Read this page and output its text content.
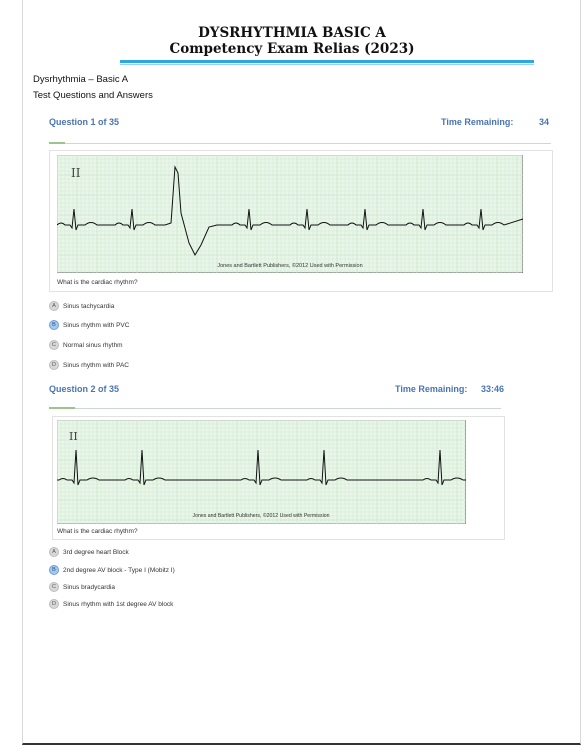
DYSRHYTHMIA BASIC A
Competency Exam Relias (2023)
Dysrhythmia – Basic A
Test Questions and Answers
Question 1 of 35	Time Remaining:	34
II
Jones and Bartlett Publishers, ©2012 Used with Permission
What is the cardiac rhythm?
A	Sinus tachycardia
B	Sinus rhythm with PVC
C	Normal sinus rhythm
D	Sinus rhythm with PAC
Question 2 of 35	Time Remaining: 33:46
II
Jones and Bartlett Publishers, ©2012 Used with Permission
What is the cardiac rhythm?
A	3rd degree heart Block
B	2nd degree AV block - Type I (Mobitz I)
C	Sinus bradycardia
D	Sinus rhythm with 1st degree AV block
